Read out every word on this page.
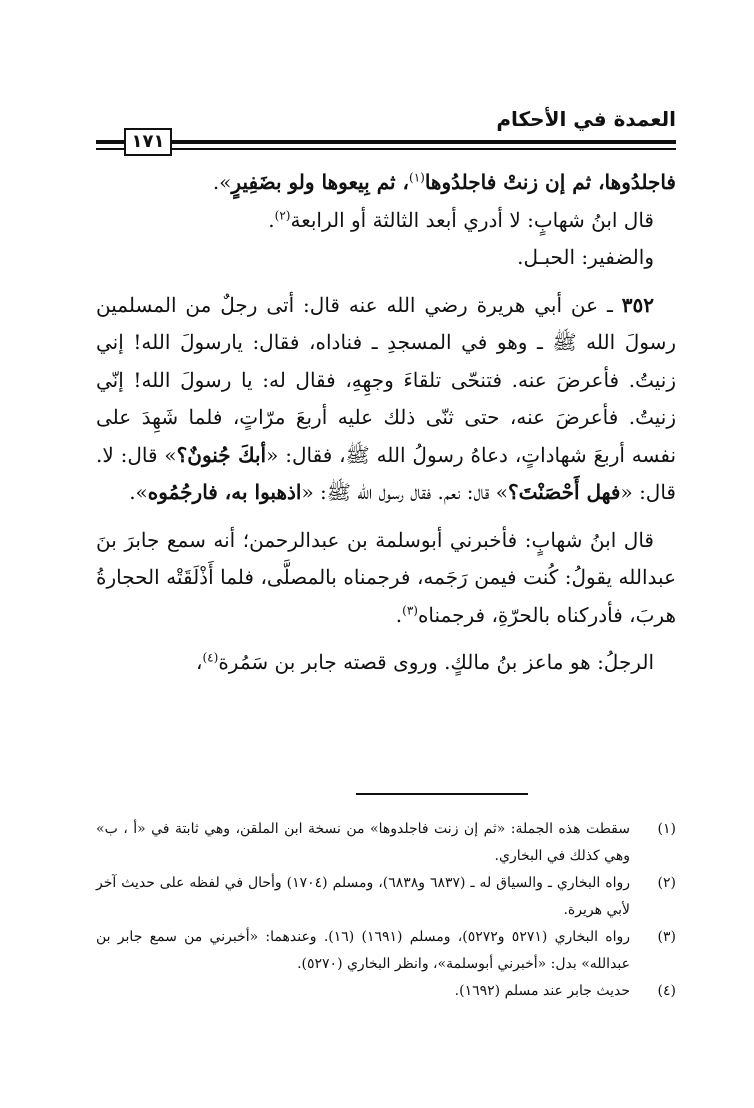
العمدة في الأحكام
١٧١

فاجلدُوها، ثم إن زنتْ فاجلدُوها$^{(١)}$، ثم بِيعوها ولو بضَفِيرٍ».

قال ابنُ شهابٍ: لا أدري أبعد الثالثة أو الرابعة$^{(٢)}$.

والضفير: الحبـل.

٣٥٢ ـ عن أبي هريرة رضي الله عنه قال: أتى رجلٌ من المسلمين رسولَ الله ﷺ ـ وهو في المسجدِ ـ فناداه، فقال: يارسولَ الله! إني زنيتُ. فأعرضَ عنه. فتنحّى تلقاءَ وجهِهِ، فقال له: يا رسولَ الله! إنّي زنيتُ. فأعرضَ عنه، حتى ثنّى ذلك عليه أربعَ مرّاتٍ، فلما شَهِدَ على نفسه أربعَ شهاداتٍ، دعاهُ رسولُ الله ﷺ، فقال: «أبكَ جُنونٌ؟» قال: لا. قال: «فهل أَحْصَنْتَ؟» قال: نعم. فقال رسول الله ﷺ: «اذهبوا به، فارجُمُوه».

قال ابنُ شهابٍ: فأخبرني أبوسلمة بن عبدالرحمن؛ أنه سمع جابرَ بنَ عبدالله يقولُ: كُنت فيمن رَجَمه، فرجمناه بالمصلَّى، فلما أَذْلَقَتْه الحجارةُ هربَ، فأدركناه بالحرّةِ، فرجمناه$^{(٣)}$.

الرجلُ: هو ماعز بنُ مالكٍ. وروى قصته جابر بن سَمُرة$^{(٤)}$،

(١)
سقطت هذه الجملة: «ثم إن زنت فاجلدوها» من نسخة ابن الملقن، وهي ثابتة في «أ ، ب» وهي كذلك في البخاري.
(٢)
رواه البخاري ـ والسياق له ـ (٦٨٣٧ و٦٨٣٨)، ومسلم (١٧٠٤) وأحال في لفظه على حديث آخر لأبي هريرة.
(٣)
رواه البخاري (٥٢٧١ و٥٢٧٢)، ومسلم (١٦٩١) (١٦). وعندهما: «أخبرني من سمع جابر بن عبدالله» بدل: «أخبرني أبوسلمة»، وانظر البخاري (٥٢٧٠).
(٤)
حديث جابر عند مسلم (١٦٩٢).
